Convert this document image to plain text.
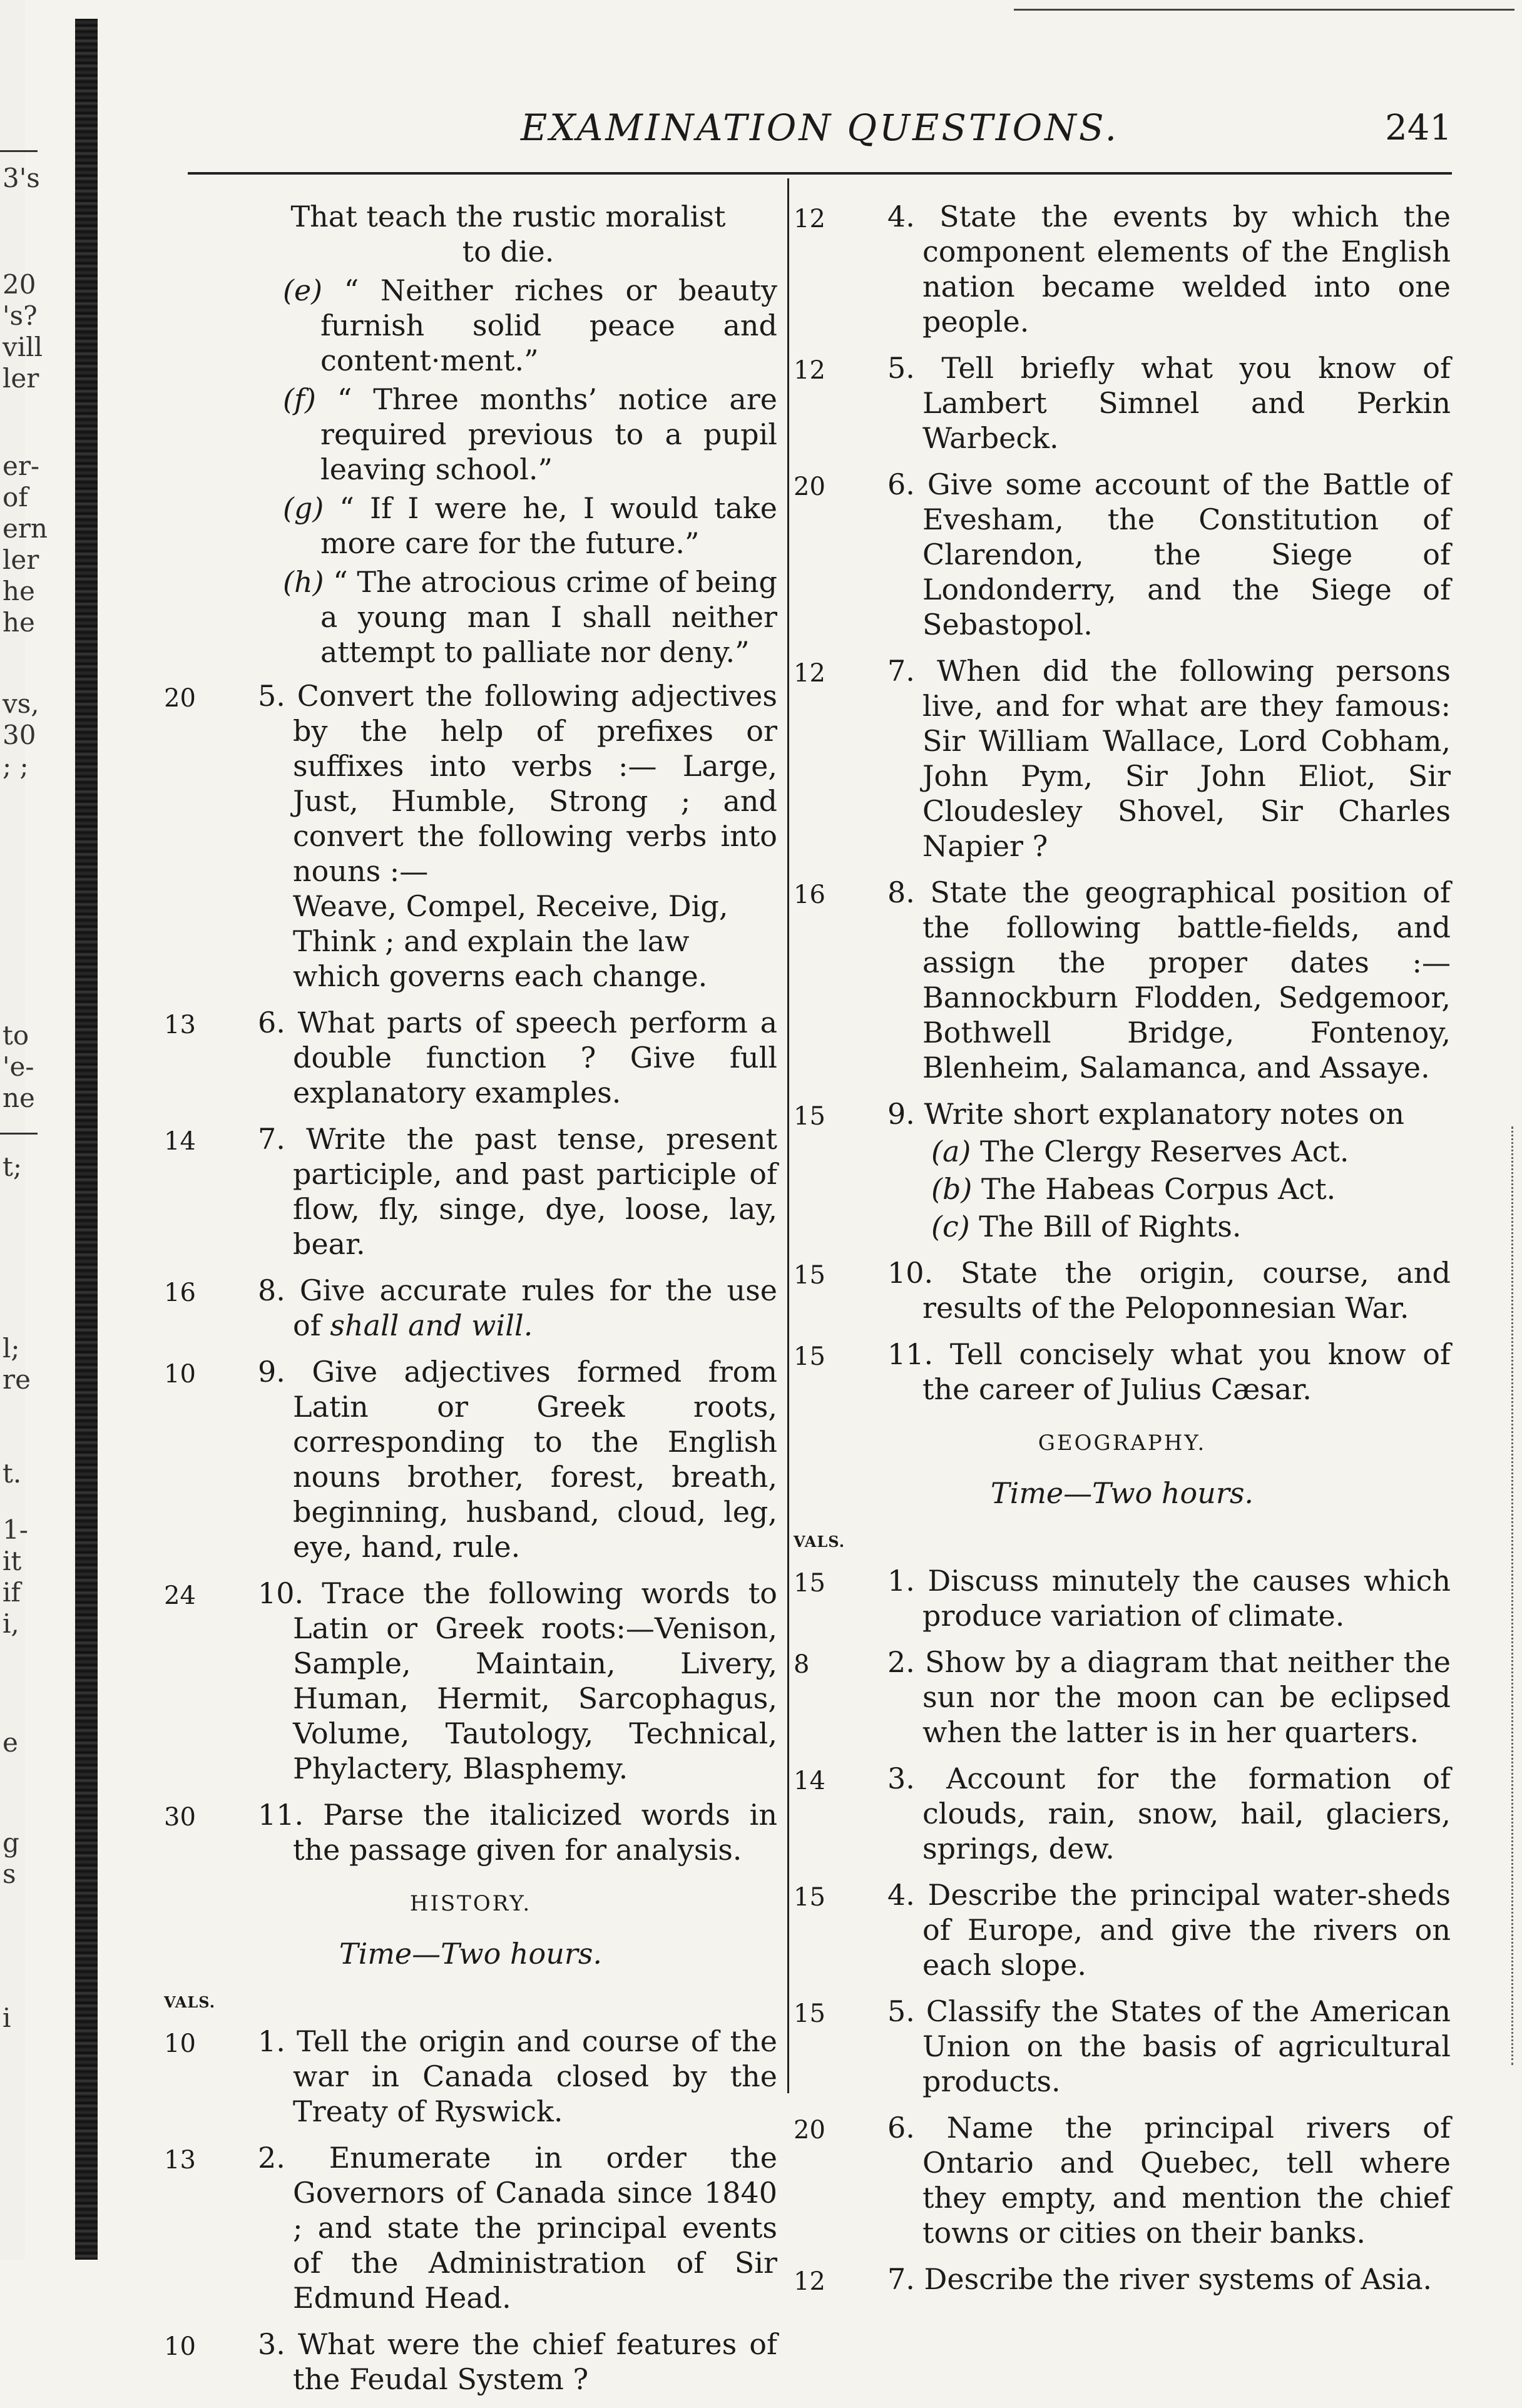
3's
20
's?
vill
ler
er-
of
ern
ler
he
he
vs,
30
; ;
to
'e-
ne
t;
l;
re
t.
1-
it
if
i,
e
g
s
i
EXAMINATION QUESTIONS.	241
That teach the rustic moralist
to die.
(e) “ Neither riches or beauty furnish solid peace and content·ment.”
(f) “ Three months’ notice are required previous to a pupil leaving school.”
(g) “ If I were he, I would take more care for the future.”
(h) “ The atrocious crime of being a young man I shall neither attempt to palliate nor deny.”
20	5. Convert the following adjectives by the help of prefixes or suffixes into verbs :— Large, Just, Humble, Strong ; and convert the following verbs into nouns :—
Weave, Compel, Receive, Dig, Think ; and explain the law which governs each change.
13	6. What parts of speech perform a double function ? Give full explanatory examples.
14	7. Write the past tense, present participle, and past participle of flow, fly, singe, dye, loose, lay, bear.
16	8. Give accurate rules for the use of shall and will.
10	9. Give adjectives formed from Latin or Greek roots, corresponding to the English nouns brother, forest, breath, beginning, husband, cloud, leg, eye, hand, rule.
24	10. Trace the following words to Latin or Greek roots:—Venison, Sample, Maintain, Livery, Human, Hermit, Sarcophagus, Volume, Tautology, Technical, Phylactery, Blasphemy.
30	11. Parse the italicized words in the passage given for analysis.
HISTORY.
Time—Two hours.
VALS.
10	1. Tell the origin and course of the war in Canada closed by the Treaty of Ryswick.
13	2. Enumerate in order the Governors of Canada since 1840 ; and state the principal events of the Administration of Sir Edmund Head.
10	3. What were the chief features of the Feudal System ?
12	4. State the events by which the component elements of the English nation became welded into one people.
12	5. Tell briefly what you know of Lambert Simnel and Perkin Warbeck.
20	6. Give some account of the Battle of Evesham, the Constitution of Clarendon, the Siege of Londonderry, and the Siege of Sebastopol.
12	7. When did the following persons live, and for what are they famous: Sir William Wallace, Lord Cobham, John Pym, Sir John Eliot, Sir Cloudesley Shovel, Sir Charles Napier ?
16	8. State the geographical position of the following battle-fields, and assign the proper dates :—Bannockburn Flodden, Sedgemoor, Bothwell Bridge, Fontenoy, Blenheim, Salamanca, and Assaye.
15	9. Write short explanatory notes on
(a) The Clergy Reserves Act.
(b) The Habeas Corpus Act.
(c) The Bill of Rights.
15	10. State the origin, course, and results of the Peloponnesian War.
15	11. Tell concisely what you know of the career of Julius Cæsar.
GEOGRAPHY.
Time—Two hours.
VALS.
15	1. Discuss minutely the causes which produce variation of climate.
8	2. Show by a diagram that neither the sun nor the moon can be eclipsed when the latter is in her quarters.
14	3. Account for the formation of clouds, rain, snow, hail, glaciers, springs, dew.
15	4. Describe the principal water-sheds of Europe, and give the rivers on each slope.
15	5. Classify the States of the American Union on the basis of agricultural products.
20	6. Name the principal rivers of Ontario and Quebec, tell where they empty, and mention the chief towns or cities on their banks.
12	7. Describe the river systems of Asia.
